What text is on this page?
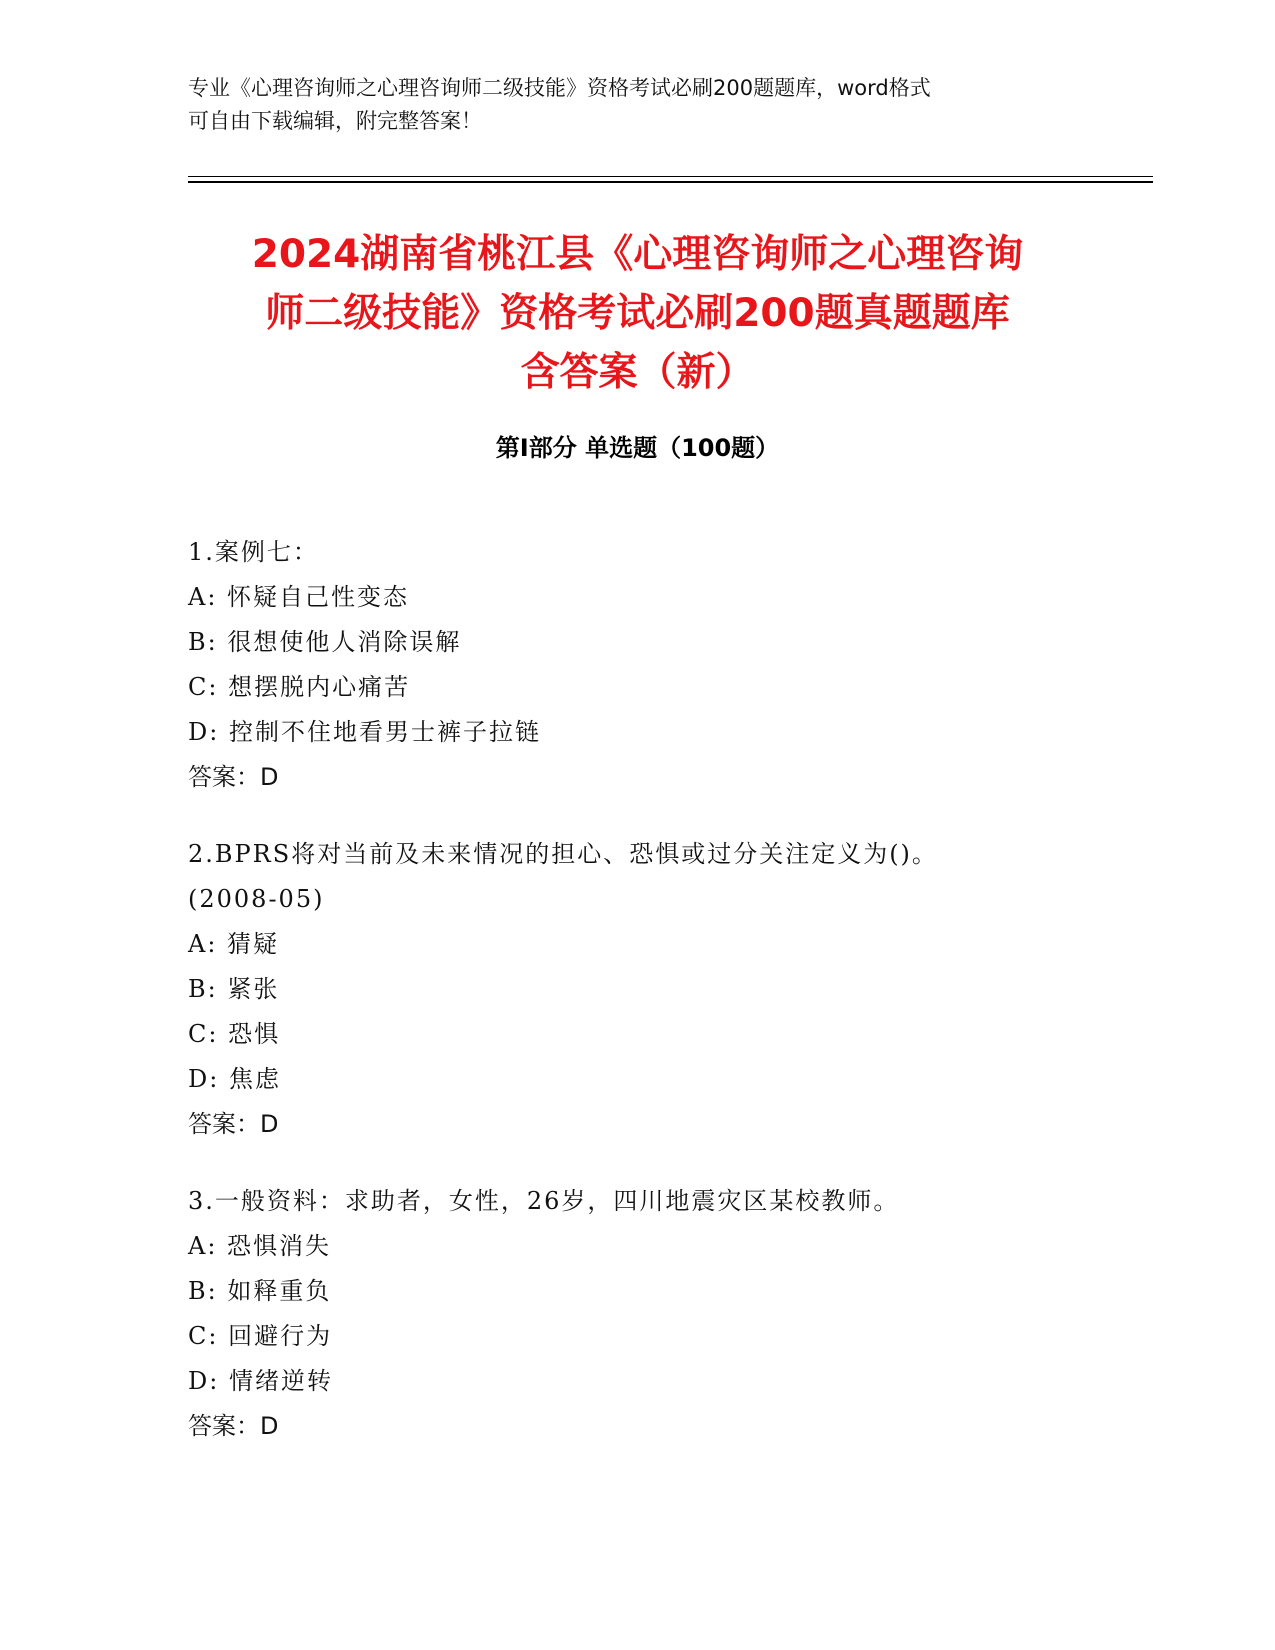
专业《心理咨询师之心理咨询师二级技能》资格考试必刷200题题库，word格式
可自由下载编辑，附完整答案！
2024湖南省桃江县《心理咨询师之心理咨询
师二级技能》资格考试必刷200题真题题库
含答案（新）
第Ⅰ部分 单选题（100题）
1.案例七：
A: 怀疑自己性变态
B: 很想使他人消除误解
C: 想摆脱内心痛苦
D: 控制不住地看男士裤子拉链
答案：D
2.BPRS将对当前及未来情况的担心、恐惧或过分关注定义为()。
(2008-05)
A: 猜疑
B: 紧张
C: 恐惧
D: 焦虑
答案：D
3.一般资料：求助者，女性，26岁，四川地震灾区某校教师。
A: 恐惧消失
B: 如释重负
C: 回避行为
D: 情绪逆转
答案：D
